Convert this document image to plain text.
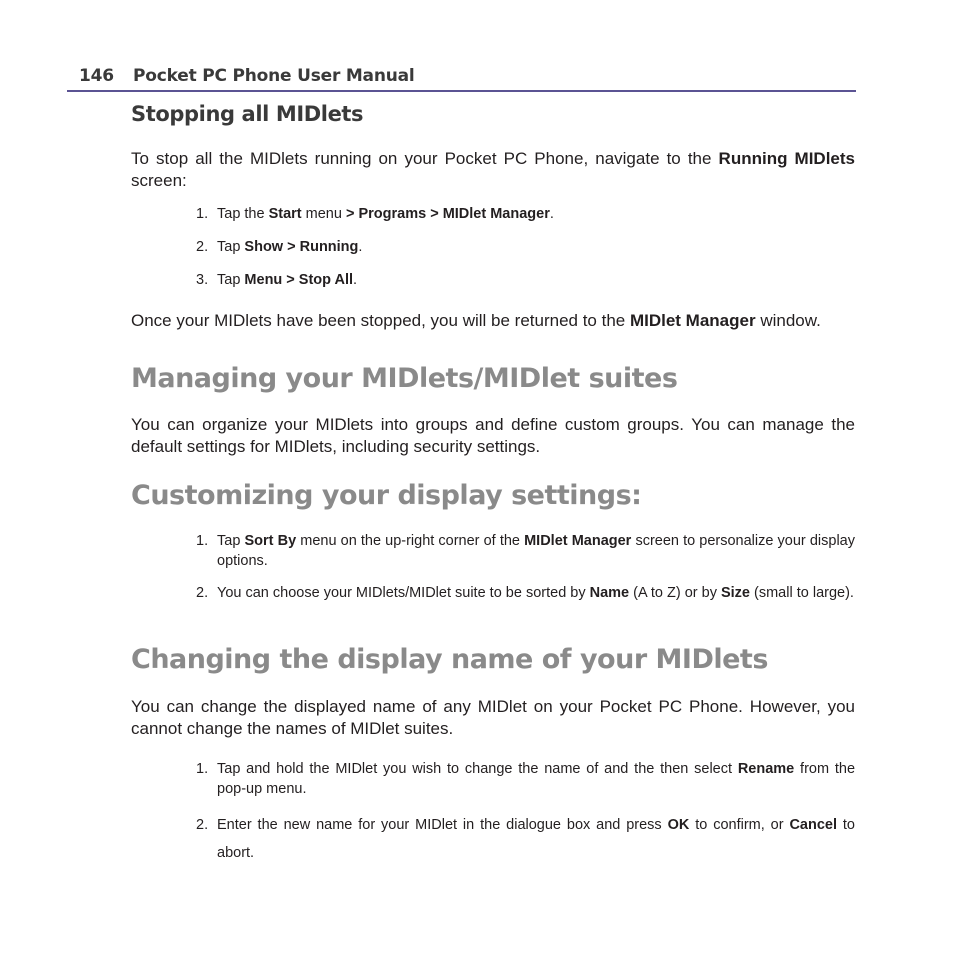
146 Pocket PC Phone User Manual
Stopping all MIDlets

To stop all the MIDlets running on your Pocket PC Phone, navigate to the Running MIDlets screen:

1. Tap the Start menu > Programs > MIDlet Manager.
2. Tap Show > Running.
3. Tap Menu > Stop All.

Once your MIDlets have been stopped, you will be returned to the MIDlet Manager window.

Managing your MIDlets/MIDlet suites

You can organize your MIDlets into groups and define custom groups. You can manage the default settings for MIDlets, including security settings.

Customizing your display settings:
1. Tap Sort By menu on the up-right corner of the MIDlet Manager screen to personalize your display options.
2. You can choose your MIDlets/MIDlet suite to be sorted by Name (A to Z) or by Size (small to large).
Changing the display name of your MIDlets

You can change the displayed name of any MIDlet on your Pocket PC Phone. However, you cannot change the names of MIDlet suites.

1. Tap and hold the MIDlet you wish to change the name of and the then select Rename from the pop-up menu.
2. Enter the new name for your MIDlet in the dialogue box and press OK to confirm, or Cancel to abort.
